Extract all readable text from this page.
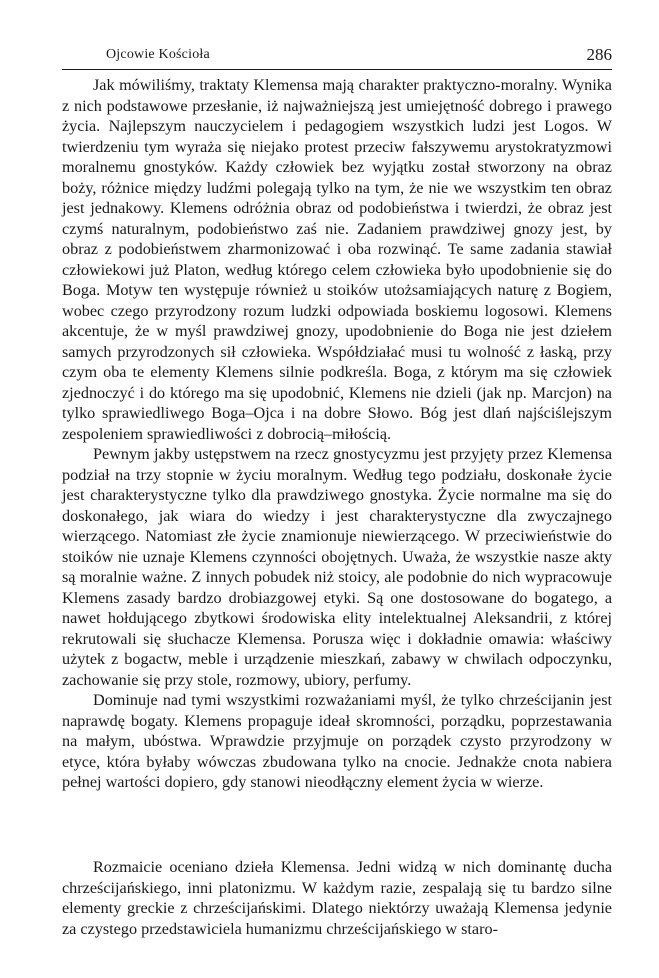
Ojcowie Kościoła	286

Jak mówiliśmy, traktaty Klemensa mają charakter praktyczno-moralny. Wynika z nich podstawowe przesłanie, iż najważniejszą jest umiejętność dobrego i prawego życia. Najlepszym nauczycielem i pedagogiem wszystkich ludzi jest Logos. W twierdzeniu tym wyraża się niejako protest przeciw fałszywemu arystokratyzmowi moralnemu gnostyków. Każdy człowiek bez wyjątku został stworzony na obraz boży, różnice między ludźmi polegają tylko na tym, że nie we wszystkim ten obraz jest jednakowy. Klemens odróżnia obraz od podobieństwa i twierdzi, że obraz jest czymś naturalnym, podobieństwo zaś nie. Zadaniem prawdziwej gnozy jest, by obraz z podobieństwem zharmonizować i oba rozwinąć. Te same zadania stawiał człowiekowi już Platon, według którego celem człowieka było upodobnienie się do Boga. Motyw ten występuje również u stoików utożsamiających naturę z Bogiem, wobec czego przyrodzony rozum ludzki odpowiada boskiemu logosowi. Klemens akcentuje, że w myśl prawdziwej gnozy, upodobnienie do Boga nie jest dziełem samych przyrodzonych sił człowieka. Współdziałać musi tu wolność z łaską, przy czym oba te elementy Klemens silnie podkreśla. Boga, z którym ma się człowiek zjednoczyć i do którego ma się upodobnić, Klemens nie dzieli (jak np. Marcjon) na tylko sprawiedliwego Boga–Ojca i na dobre Słowo. Bóg jest dlań najściślejszym zespoleniem sprawiedliwości z dobrocią–miłością.

Pewnym jakby ustępstwem na rzecz gnostycyzmu jest przyjęty przez Klemensa podział na trzy stopnie w życiu moralnym. Według tego podziału, doskonałe życie jest charakterystyczne tylko dla prawdziwego gnostyka. Życie normalne ma się do doskonałego, jak wiara do wiedzy i jest charakterystyczne dla zwyczajnego wierzącego. Natomiast złe życie znamionuje niewierzącego. W przeciwieństwie do stoików nie uznaje Klemens czynności obojętnych. Uważa, że wszystkie nasze akty są moralnie ważne. Z innych pobudek niż stoicy, ale podobnie do nich wypracowuje Klemens zasady bardzo drobiazgowej etyki. Są one dostosowane do bogatego, a nawet hołdującego zbytkowi środowiska elity intelektualnej Aleksandrii, z której rekrutowali się słuchacze Klemensa. Porusza więc i dokładnie omawia: właściwy użytek z bogactw, meble i urządzenie mieszkań, zabawy w chwilach odpoczynku, zachowanie się przy stole, rozmowy, ubiory, perfumy.

Dominuje nad tymi wszystkimi rozważaniami myśl, że tylko chrześcijanin jest naprawdę bogaty. Klemens propaguje ideał skromności, porządku, poprzestawania na małym, ubóstwa. Wprawdzie przyjmuje on porządek czysto przyrodzony w etyce, która byłaby wówczas zbudowana tylko na cnocie. Jednakże cnota nabiera pełnej wartości dopiero, gdy stanowi nieodłączny element życia w wierze.

Rozmaicie oceniano dzieła Klemensa. Jedni widzą w nich dominantę ducha chrześcijańskiego, inni platonizmu. W każdym razie, zespalają się tu bardzo silne elementy greckie z chrześcijańskimi. Dlatego niektórzy uważają Klemensa jedynie za czystego przedstawiciela humanizmu chrześcijańskiego w staro-
